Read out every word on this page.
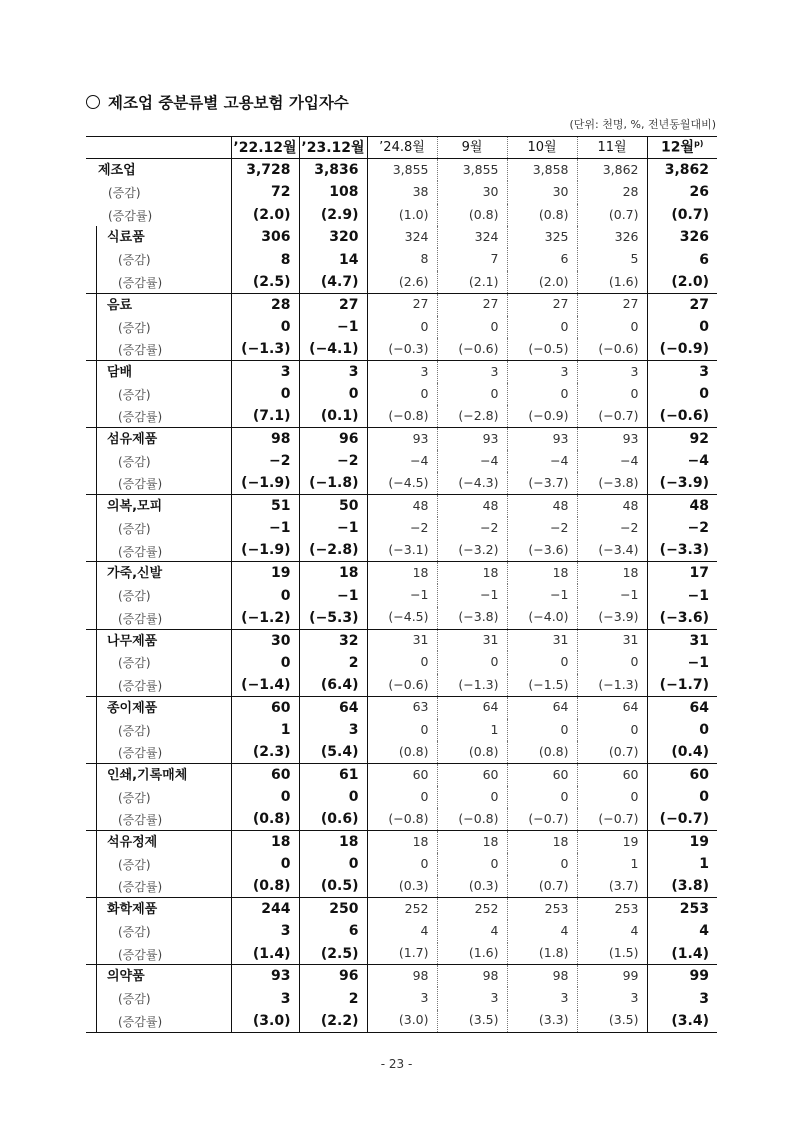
제조업 중분류별 고용보험 가입자수
(단위: 천명, %, 전년동월대비)
	’22.12월	’23.12월	’24.8월	9월	10월	11월	12월$^{p)}$

제조업	3,728	3,836	3,855	3,855	3,858	3,862	3,862

(증감)	72	108	38	30	30	28	26

(증감률)	(2.0)	(2.9)	(1.0)	(0.8)	(0.8)	(0.7)	(0.7)

식료품	306	320	324	324	325	326	326

(증감)	8	14	8	7	6	5	6

(증감률)	(2.5)	(4.7)	(2.6)	(2.1)	(2.0)	(1.6)	(2.0)

음료	28	27	27	27	27	27	27

(증감)	0	−1	0	0	0	0	0

(증감률)	(−1.3)	(−4.1)	(−0.3)	(−0.6)	(−0.5)	(−0.6)	(−0.9)

담배	3	3	3	3	3	3	3

(증감)	0	0	0	0	0	0	0

(증감률)	(7.1)	(0.1)	(−0.8)	(−2.8)	(−0.9)	(−0.7)	(−0.6)

섬유제품	98	96	93	93	93	93	92

(증감)	−2	−2	−4	−4	−4	−4	−4

(증감률)	(−1.9)	(−1.8)	(−4.5)	(−4.3)	(−3.7)	(−3.8)	(−3.9)

의복,모피	51	50	48	48	48	48	48

(증감)	−1	−1	−2	−2	−2	−2	−2

(증감률)	(−1.9)	(−2.8)	(−3.1)	(−3.2)	(−3.6)	(−3.4)	(−3.3)

가죽,신발	19	18	18	18	18	18	17

(증감)	0	−1	−1	−1	−1	−1	−1

(증감률)	(−1.2)	(−5.3)	(−4.5)	(−3.8)	(−4.0)	(−3.9)	(−3.6)

나무제품	30	32	31	31	31	31	31

(증감)	0	2	0	0	0	0	−1

(증감률)	(−1.4)	(6.4)	(−0.6)	(−1.3)	(−1.5)	(−1.3)	(−1.7)

종이제품	60	64	63	64	64	64	64

(증감)	1	3	0	1	0	0	0

(증감률)	(2.3)	(5.4)	(0.8)	(0.8)	(0.8)	(0.7)	(0.4)

인쇄,기록매체	60	61	60	60	60	60	60

(증감)	0	0	0	0	0	0	0

(증감률)	(0.8)	(0.6)	(−0.8)	(−0.8)	(−0.7)	(−0.7)	(−0.7)

석유정제	18	18	18	18	18	19	19

(증감)	0	0	0	0	0	1	1

(증감률)	(0.8)	(0.5)	(0.3)	(0.3)	(0.7)	(3.7)	(3.8)

화학제품	244	250	252	252	253	253	253

(증감)	3	6	4	4	4	4	4

(증감률)	(1.4)	(2.5)	(1.7)	(1.6)	(1.8)	(1.5)	(1.4)

의약품	93	96	98	98	98	99	99

(증감)	3	2	3	3	3	3	3

(증감률)	(3.0)	(2.2)	(3.0)	(3.5)	(3.3)	(3.5)	(3.4)
- 23 -
